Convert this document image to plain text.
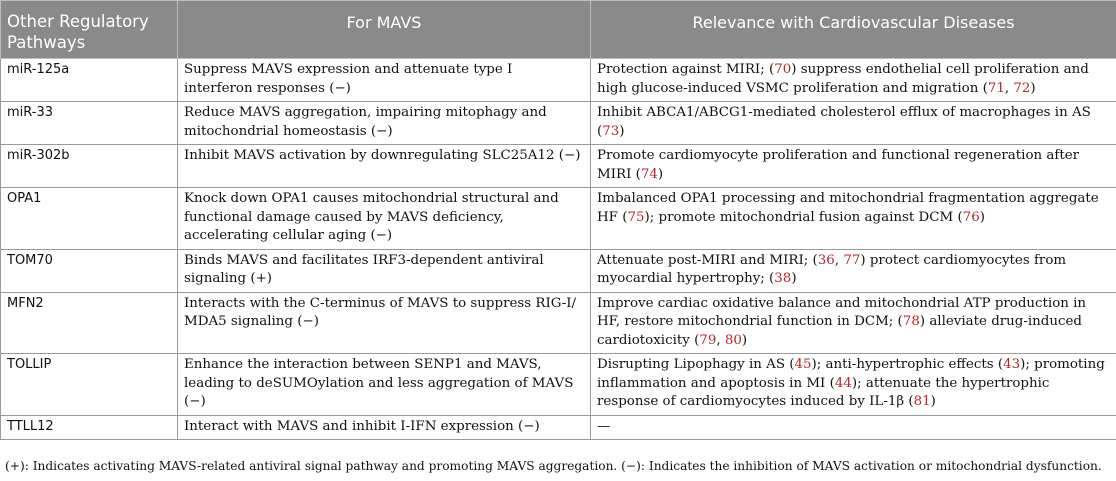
Other Regulatory Pathways	For MAVS	Relevance with Cardiovascular Diseases
miR-125a	Suppress MAVS expression and attenuate type I interferon responses (−)	Protection against MIRI; (70) suppress endothelial cell proliferation and high glucose-induced VSMC proliferation and migration (71, 72)
miR-33	Reduce MAVS aggregation, impairing mitophagy and mitochondrial homeostasis (−)	Inhibit ABCA1/ABCG1-mediated cholesterol efflux of macrophages in AS (73)
miR-302b	Inhibit MAVS activation by downregulating SLC25A12 (−)	Promote cardiomyocyte proliferation and functional regeneration after MIRI (74)
OPA1	Knock down OPA1 causes mitochondrial structural and functional damage caused by MAVS deficiency, accelerating cellular aging (−)	Imbalanced OPA1 processing and mitochondrial fragmentation aggregate HF (75); promote mitochondrial fusion against DCM (76)
TOM70	Binds MAVS and facilitates IRF3-dependent antiviral signaling (+)	Attenuate post-MIRI and MIRI; (36, 77) protect cardiomyocytes from myocardial hypertrophy; (38)
MFN2	Interacts with the C-terminus of MAVS to suppress RIG-I/ MDA5 signaling (−)	Improve cardiac oxidative balance and mitochondrial ATP production in HF, restore mitochondrial function in DCM; (78) alleviate drug-induced cardiotoxicity (79, 80)
TOLLIP	Enhance the interaction between SENP1 and MAVS, leading to deSUMOylation and less aggregation of MAVS (−)	Disrupting Lipophagy in AS (45); anti-hypertrophic effects (43); promoting inflammation and apoptosis in MI (44); attenuate the hypertrophic response of cardiomyocytes induced by IL-1β (81)
TTLL12	Interact with MAVS and inhibit I-IFN expression (−)	—
(+): Indicates activating MAVS-related antiviral signal pathway and promoting MAVS aggregation. (−): Indicates the inhibition of MAVS activation or mitochondrial dysfunction.
